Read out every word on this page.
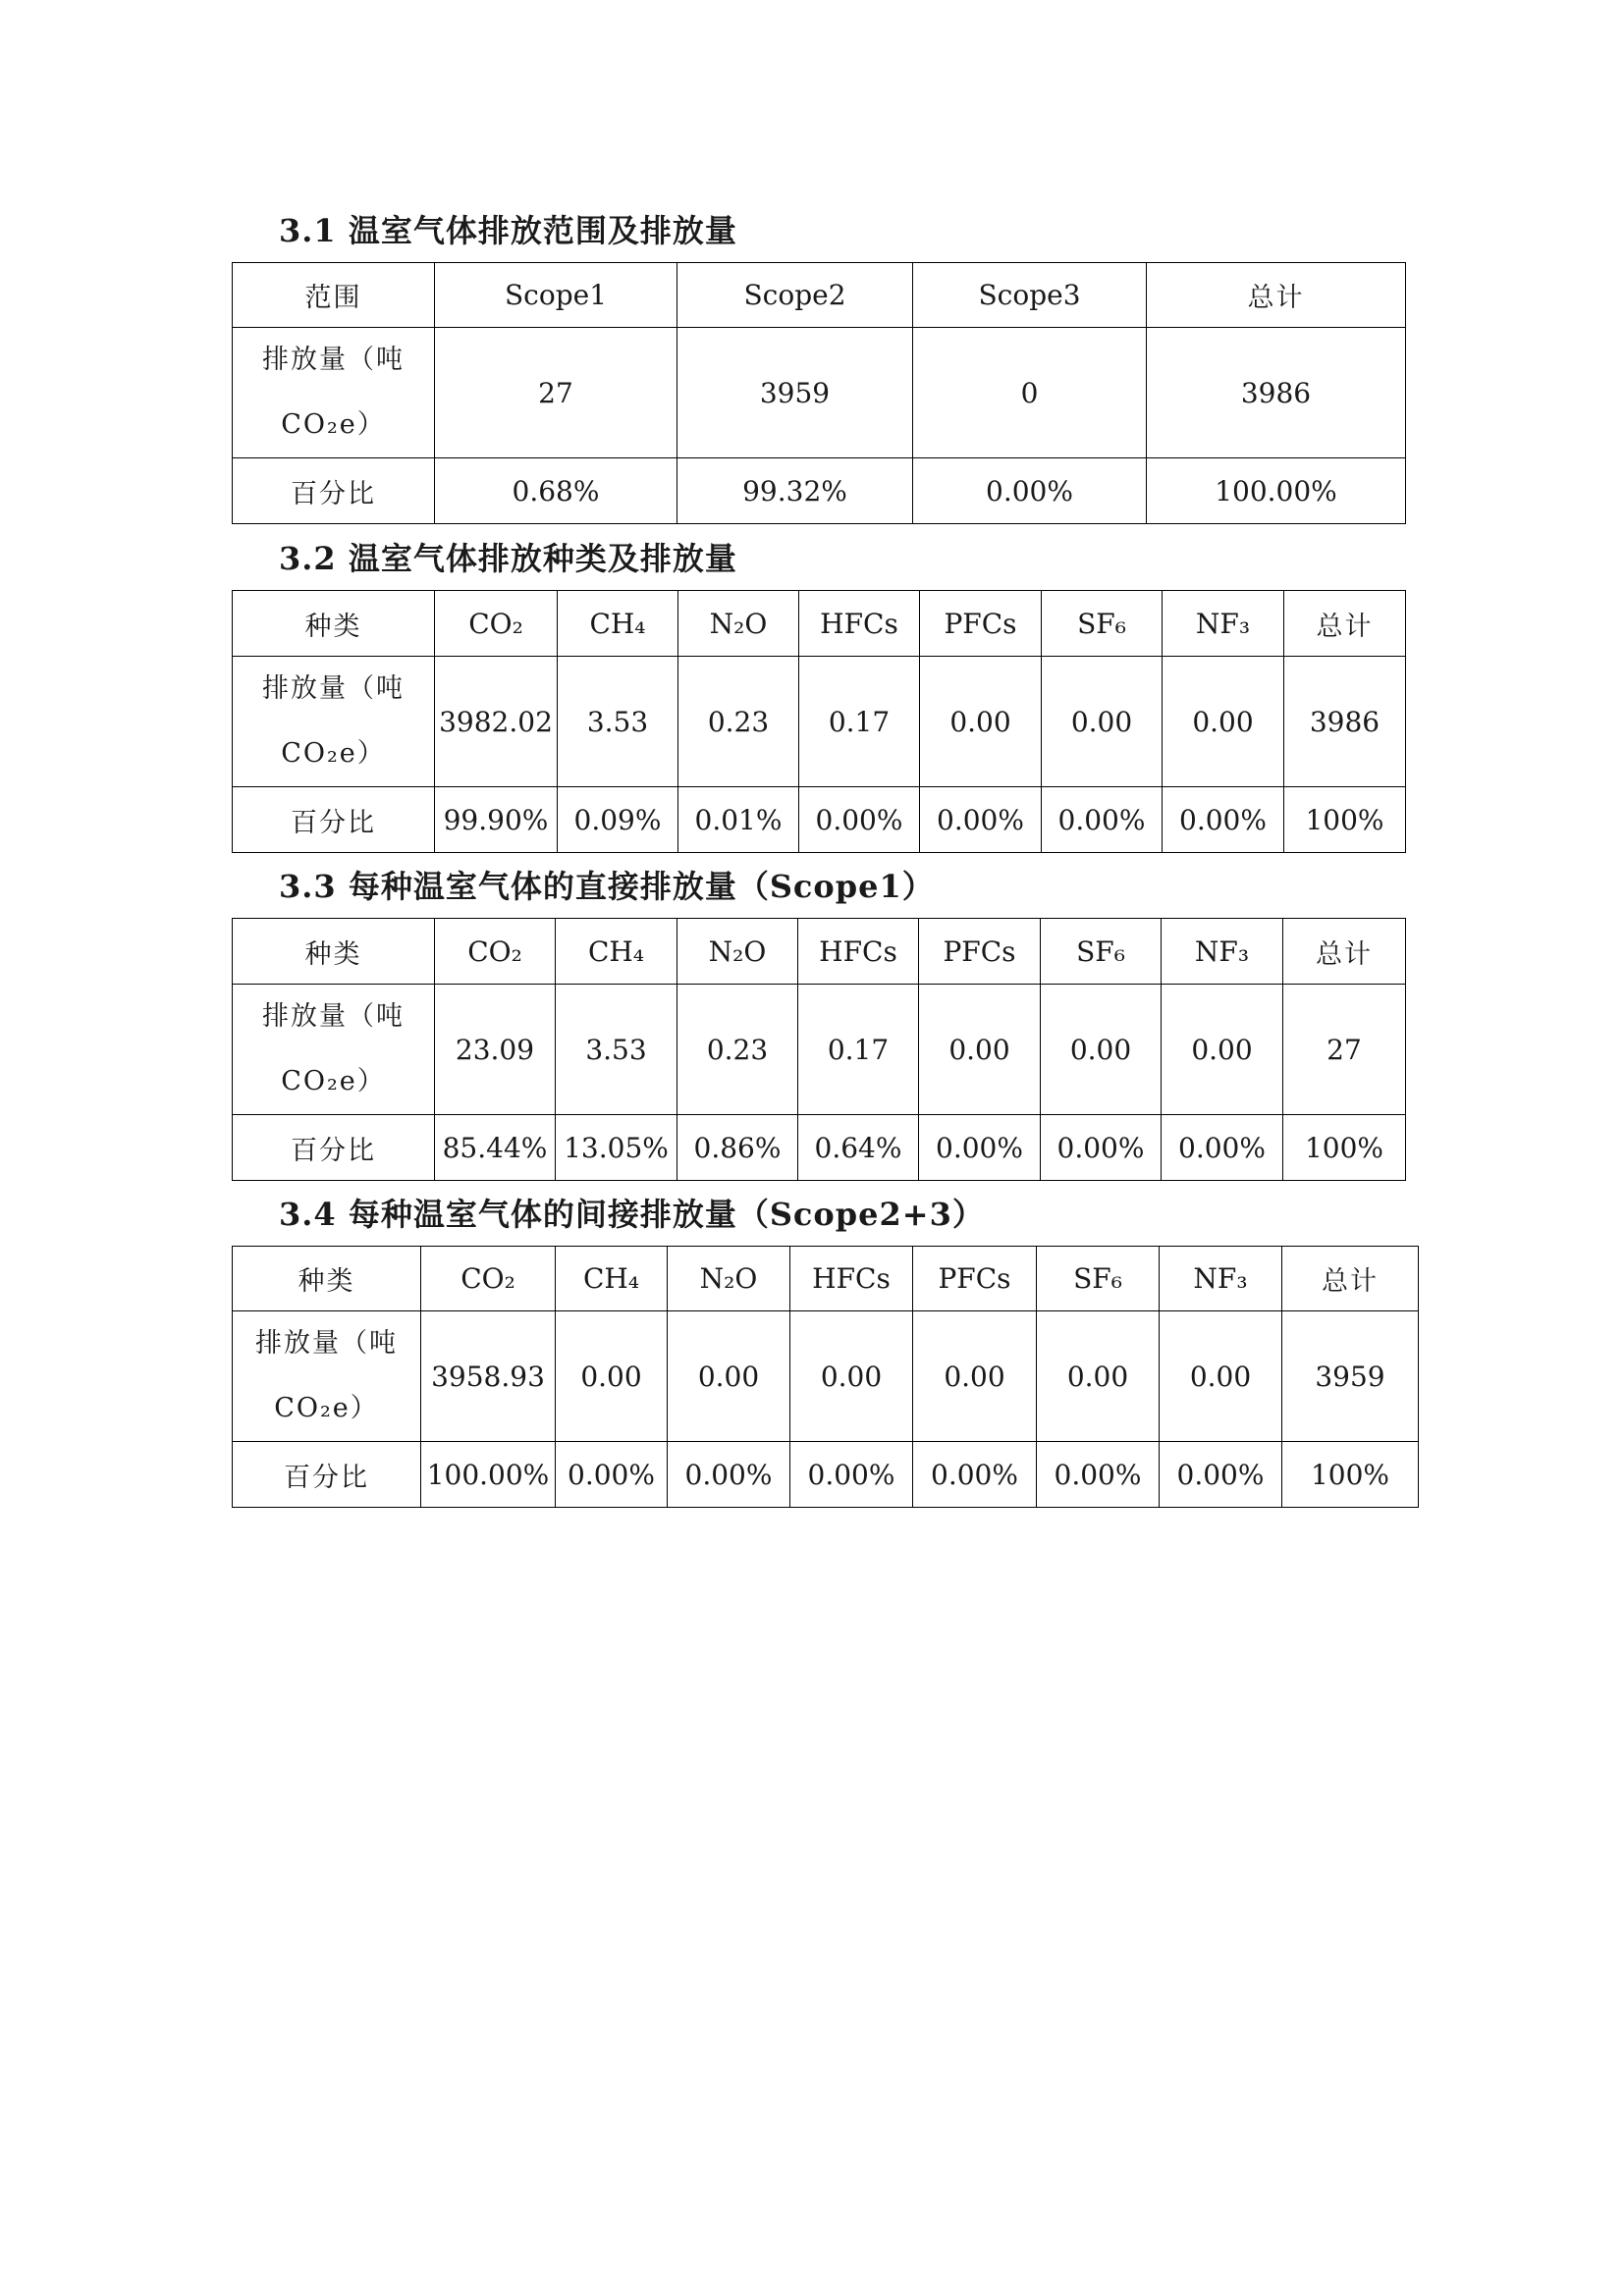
3.1 温室气体排放范围及排放量
范围	Scope1	Scope2	Scope3	总计
排放量（吨
CO₂e）	27	3959	0	3986
百分比	0.68%	99.32%	0.00%	100.00%
3.2 温室气体排放种类及排放量
种类	CO₂	CH₄	N₂O	HFCs	PFCs	SF₆	NF₃	总计
排放量（吨
CO₂e）	3982.02	3.53	0.23	0.17	0.00	0.00	0.00	3986
百分比	99.90%	0.09%	0.01%	0.00%	0.00%	0.00%	0.00%	100%
3.3 每种温室气体的直接排放量（Scope1）
种类	CO₂	CH₄	N₂O	HFCs	PFCs	SF₆	NF₃	总计
排放量（吨
CO₂e）	23.09	3.53	0.23	0.17	0.00	0.00	0.00	27
百分比	85.44%	13.05%	0.86%	0.64%	0.00%	0.00%	0.00%	100%
3.4 每种温室气体的间接排放量（Scope2+3）
种类	CO₂	CH₄	N₂O	HFCs	PFCs	SF₆	NF₃	总计
排放量（吨
CO₂e）	3958.93	0.00	0.00	0.00	0.00	0.00	0.00	3959
百分比	100.00%	0.00%	0.00%	0.00%	0.00%	0.00%	0.00%	100%
